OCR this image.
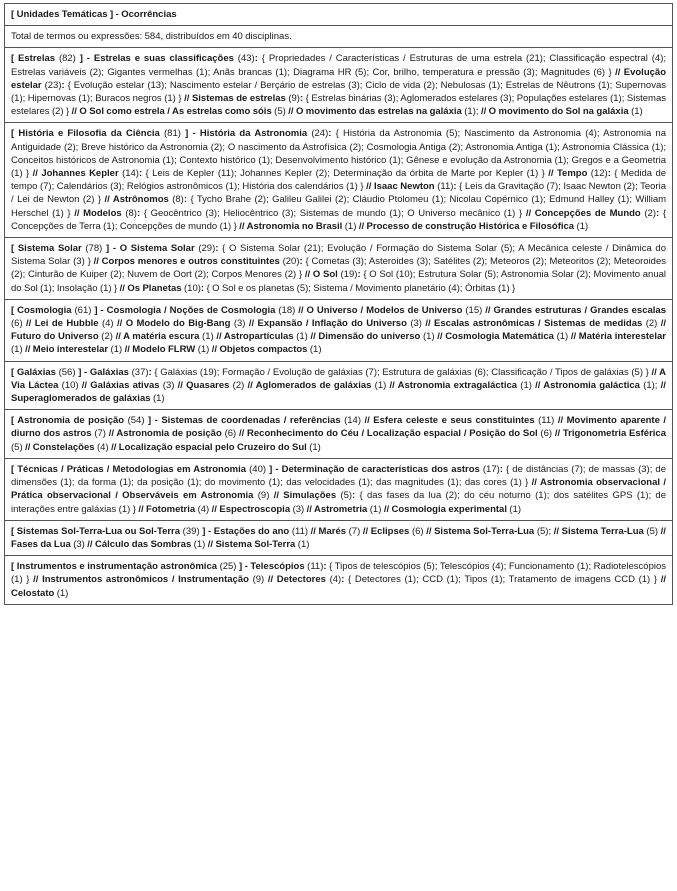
[ Unidades Temáticas ] - Ocorrências
Total de termos ou expressões: 584, distribuídos em 40 disciplinas.
[ Estrelas (82) ] - Estrelas e suas classificações (43): { Propriedades / Características / Estruturas de uma estrela (21); Classificação espectral (4); Estrelas variáveis (2); Gigantes vermelhas (1); Anãs brancas (1); Diagrama HR (5); Cor, brilho, temperatura e pressão (3); Magnitudes (6) } // Evolução estelar (23): { Evolução estelar (13); Nascimento estelar / Berçário de estrelas (3); Ciclo de vida (2); Nebulosas (1); Estrelas de Nêutrons (1); Supernovas (1); Hipernovas (1); Buracos negros (1) } // Sistemas de estrelas (9): { Estrelas binárias (3); Aglomerados estelares (3); Populações estelares (1); Sistemas estelares (2) } // O Sol como estrela / As estrelas como sóis (5) // O movimento das estrelas na galáxia (1); // O movimento do Sol na galáxia (1)
[ História e Filosofia da Ciência (81) ] - História da Astronomia (24): { História da Astronomia (5); Nascimento da Astronomia (4); Astronomia na Antiguidade (2); Breve histórico da Astronomia (2); O nascimento da Astrofísica (2); Cosmologia Antiga (2); Astronomia Antiga (1); Astronomia Clássica (1); Conceitos históricos de Astronomia (1); Contexto histórico (1); Desenvolvimento histórico (1); Gênese e evolução da Astronomia (1); Gregos e a Geometria (1) } // Johannes Kepler (14): { Leis de Kepler (11); Johannes Kepler (2); Determinação da órbita de Marte por Kepler (1) } // Tempo (12): { Medida de tempo (7); Calendários (3); Relógios astronômicos (1); História dos calendários (1) } // Isaac Newton (11): { Leis da Gravitação (7); Isaac Newton (2); Teoria / Lei de Newton (2) } // Astrônomos (8): { Tycho Brahe (2); Galileu Galilei (2); Cláudio Ptolomeu (1); Nicolau Copérnico (1); Edmund Halley (1); William Herschel (1) } // Modelos (8): { Geocêntrico (3); Heliocêntrico (3); Sistemas de mundo (1); O Universo mecânico (1) } // Concepções de Mundo (2): { Concepções de Terra (1); Concepções de mundo (1) } // Astronomia no Brasil (1) // Processo de construção Histórica e Filosófica (1)
[ Sistema Solar (78) ] - O Sistema Solar (29): { O Sistema Solar (21); Evolução / Formação do Sistema Solar (5); A Mecânica celeste / Dinâmica do Sistema Solar (3) } // Corpos menores e outros constituintes (20): { Cometas (3); Asteroides (3); Satélites (2); Meteoros (2); Meteoritos (2); Meteoroides (2); Cinturão de Kuiper (2); Nuvem de Oort (2); Corpos Menores (2) } // O Sol (19): { O Sol (10); Estrutura Solar (5); Astronomia Solar (2); Movimento anual do Sol (1); Insolação (1) } // Os Planetas (10): { O Sol e os planetas (5); Sistema / Movimento planetário (4); Órbitas (1) }
[ Cosmologia (61) ] - Cosmologia / Noções de Cosmologia (18) // O Universo / Modelos de Universo (15) // Grandes estruturas / Grandes escalas (6) // Lei de Hubble (4) // O Modelo do Big-Bang (3) // Expansão / Inflação do Universo (3) // Escalas astronômicas / Sistemas de medidas (2) // Futuro do Universo (2) // A matéria escura (1) // Astropartículas (1) // Dimensão do universo (1) // Cosmologia Matemática (1) // Matéria interestelar (1) // Meio interestelar (1) // Modelo FLRW (1) // Objetos compactos (1)
[ Galáxias (56) ] - Galáxias (37): { Galáxias (19); Formação / Evolução de galáxias (7); Estrutura de galáxias (6); Classificação / Tipos de galáxias (5) } // A Via Láctea (10) // Galáxias ativas (3) // Quasares (2) // Aglomerados de galáxias (1) // Astronomia extragaláctica (1) // Astronomia galáctica (1); // Superaglomerados de galáxias (1)
[ Astronomia de posição (54) ] - Sistemas de coordenadas / referências (14) // Esfera celeste e seus constituintes (11) // Movimento aparente / diurno dos astros (7) // Astronomia de posição (6) // Reconhecimento do Céu / Localização espacial / Posição do Sol (6) // Trigonometria Esférica (5) // Constelações (4) // Localização espacial pelo Cruzeiro do Sul (1)
[ Técnicas / Práticas / Metodologias em Astronomia (40) ] - Determinação de características dos astros (17): { de distâncias (7); de massas (3); de dimensões (1); da forma (1); da posição (1); do movimento (1); das velocidades (1); das magnitudes (1); das cores (1) } // Astronomia observacional / Prática observacional / Observáveis em Astronomia (9) // Simulações (5): { das fases da lua (2); do céu noturno (1); dos satélites GPS (1); de interações entre galáxias (1) } // Fotometria (4) // Espectroscopia (3) // Astrometria (1) // Cosmologia experimental (1)
[ Sistemas Sol-Terra-Lua ou Sol-Terra (39) ] - Estações do ano (11) // Marés (7) // Eclipses (6) // Sistema Sol-Terra-Lua (5); // Sistema Terra-Lua (5) // Fases da Lua (3) // Cálculo das Sombras (1) // Sistema Sol-Terra (1)
[ Instrumentos e instrumentação astronômica (25) ] - Telescópios (11): { Tipos de telescópios (5); Telescópios (4); Funcionamento (1); Radiotelescópios (1) } // Instrumentos astronômicos / Instrumentação (9) // Detectores (4): { Detectores (1); CCD (1); Tipos (1); Tratamento de imagens CCD (1) } // Celostato (1)
